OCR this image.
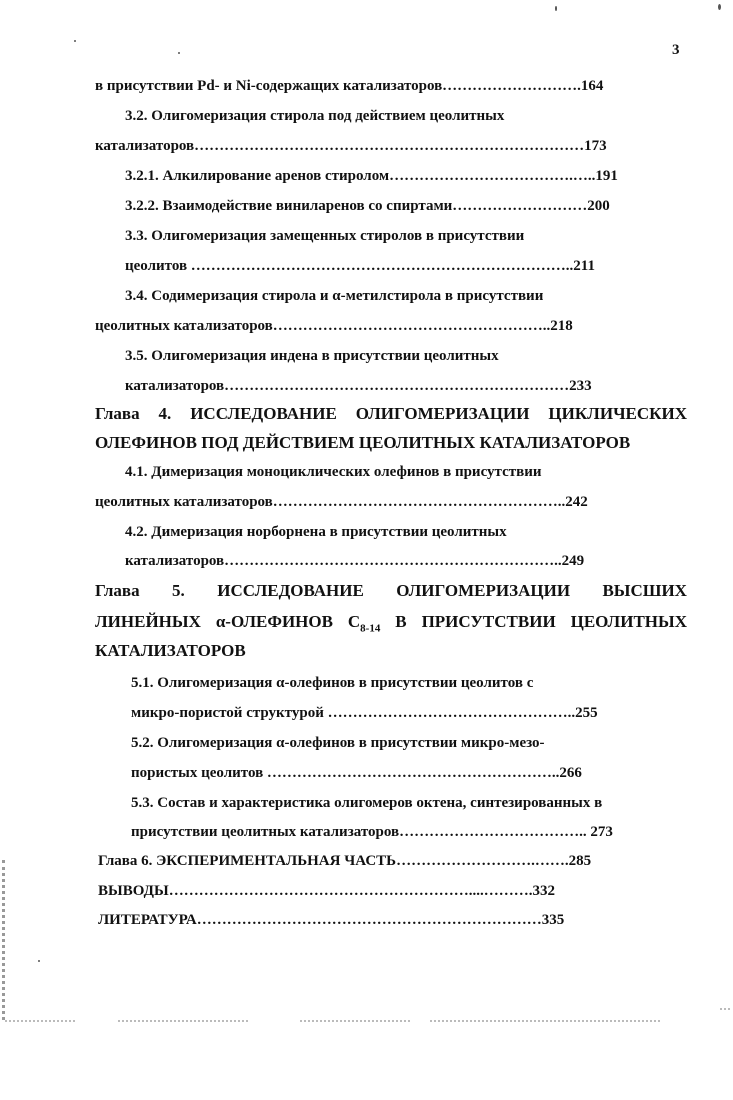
3
в присутствии Pd- и Ni-содержащих катализаторов……………………….164
3.2. Олигомеризация стирола под действием цеолитных
катализаторов……………………………………………………………………173
3.2.1. Алкилирование аренов стиролом……………………………….…..191
3.2.2. Взаимодействие виниларенов со спиртами………………………200
3.3. Олигомеризация замещенных стиролов в присутствии
цеолитов …………………………………………………………………..211
3.4. Содимеризация стирола и α-метилстирола в присутствии
цеолитных катализаторов………………………………………………..218
3.5. Олигомеризация индена в присутствии цеолитных
катализаторов……………………………………………………………233
Глава 4. ИССЛЕДОВАНИЕ ОЛИГОМЕРИЗАЦИИ ЦИКЛИЧЕСКИХ
ОЛЕФИНОВ ПОД ДЕЙСТВИЕМ ЦЕОЛИТНЫХ КАТАЛИЗАТОРОВ
4.1. Димеризация моноциклических олефинов в присутствии
цеолитных катализаторов…………………………………………………..242
4.2. Димеризация норборнена в присутствии цеолитных
катализаторов…………………………………………………………..249
Глава 5. ИССЛЕДОВАНИЕ ОЛИГОМЕРИЗАЦИИ ВЫСШИХ
ЛИНЕЙНЫХ α-ОЛЕФИНОВ $С_{8-14}$ В ПРИСУТСТВИИ ЦЕОЛИТНЫХ
КАТАЛИЗАТОРОВ
5.1. Олигомеризация α-олефинов в присутствии цеолитов с
микро-пористой структурой …………………………………………..255
5.2. Олигомеризация α-олефинов в присутствии микро-мезо-
пористых цеолитов …………………………………………………..266
5.3. Состав и характеристика олигомеров октена, синтезированных в
присутствии цеолитных катализаторов……………………………….. 273
Глава 6. ЭКСПЕРИМЕНТАЛЬНАЯ ЧАСТЬ……………………….…….285
ВЫВОДЫ……………………………………………………....……….332
ЛИТЕРАТУРА……………………………………………………………335
